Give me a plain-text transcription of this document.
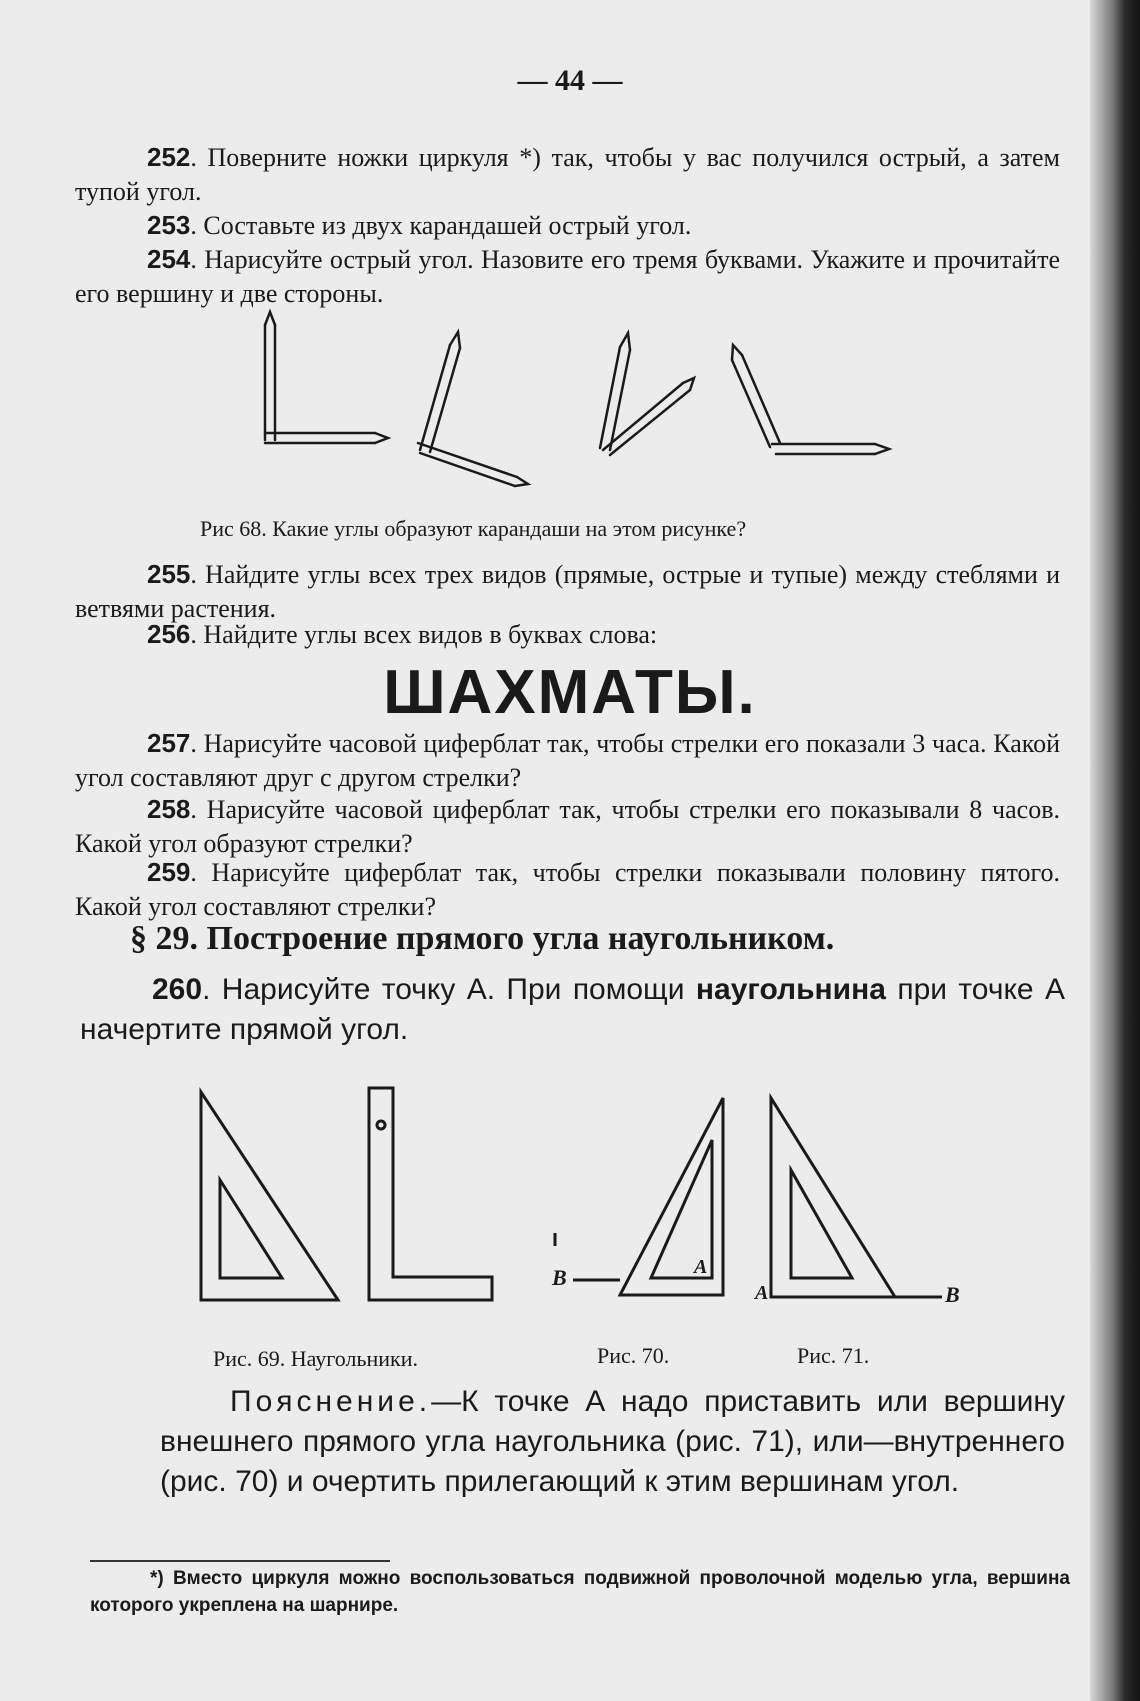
— 44 —
252. Поверните ножки циркуля *) так, чтобы у вас получился острый, а затем тупой угол.
253. Составьте из двух карандашей острый угол.
254. Нарисуйте острый угол. Назовите его тремя буквами. Укажите и прочитайте его вершину и две стороны.
Рис 68. Какие углы образуют карандаши на этом рисунке?
255. Найдите углы всех трех видов (прямые, острые и тупые) между стеблями и ветвями растения.
256. Найдите углы всех видов в буквах слова:
ШАХМАТЫ.
257. Нарисуйте часовой циферблат так, чтобы стрелки его показали 3 часа. Какой угол составляют друг с другом стрелки?
258. Нарисуйте часовой циферблат так, чтобы стрелки его показывали 8 часов. Какой угол образуют стрелки?
259. Нарисуйте циферблат так, чтобы стрелки показывали половину пятого. Какой угол составляют стрелки?
§ 29. Построение прямого угла наугольником.
260. Нарисуйте точку А. При помощи наугольнина при точке А начертите прямой угол.
B	A
A	B
Рис. 69. Наугольники.	Рис. 70.	Рис. 71.
Пояснение.—К точке А надо приставить или вершину внешнего прямого угла наугольника (рис. 71), или—внутреннего (рис. 70) и очертить прилегающий к этим вершинам угол.
*) Вместо циркуля можно воспользоваться подвижной проволочной моделью угла, вершина которого укреплена на шарнире.
